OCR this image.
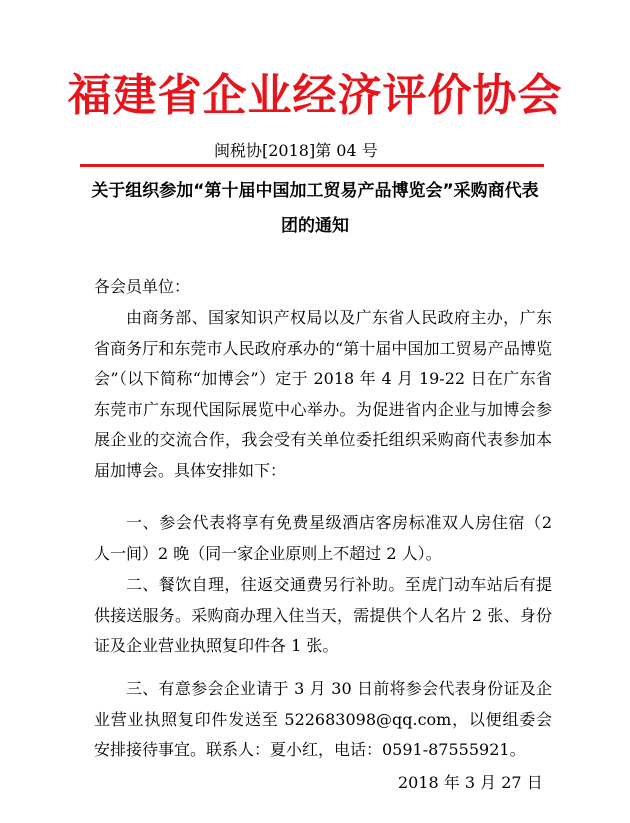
福建省企业经济评价协会
闽税协[2018]第 04 号
关于组织参加“第十届中国加工贸易产品博览会”采购商代表团的通知
各会员单位：

由商务部、国家知识产权局以及广东省人民政府主办，广东省商务厅和东莞市人民政府承办的“第十届中国加工贸易产品博览会”（以下简称“加博会”）定于 2018 年 4 月 19-22 日在广东省东莞市广东现代国际展览中心举办。为促进省内企业与加博会参展企业的交流合作，我会受有关单位委托组织采购商代表参加本届加博会。具体安排如下：

一、参会代表将享有免费星级酒店客房标准双人房住宿（2 人一间）2 晚（同一家企业原则上不超过 2 人）。

二、餐饮自理，往返交通费另行补助。至虎门动车站后有提供接送服务。采购商办理入住当天，需提供个人名片 2 张、身份证及企业营业执照复印件各 1 张。

三、有意参会企业请于 3 月 30 日前将参会代表身份证及企业营业执照复印件发送至 522683098@qq.com，以便组委会安排接待事宜。联系人：夏小红，电话：0591-87555921。

2018 年 3 月 27 日
